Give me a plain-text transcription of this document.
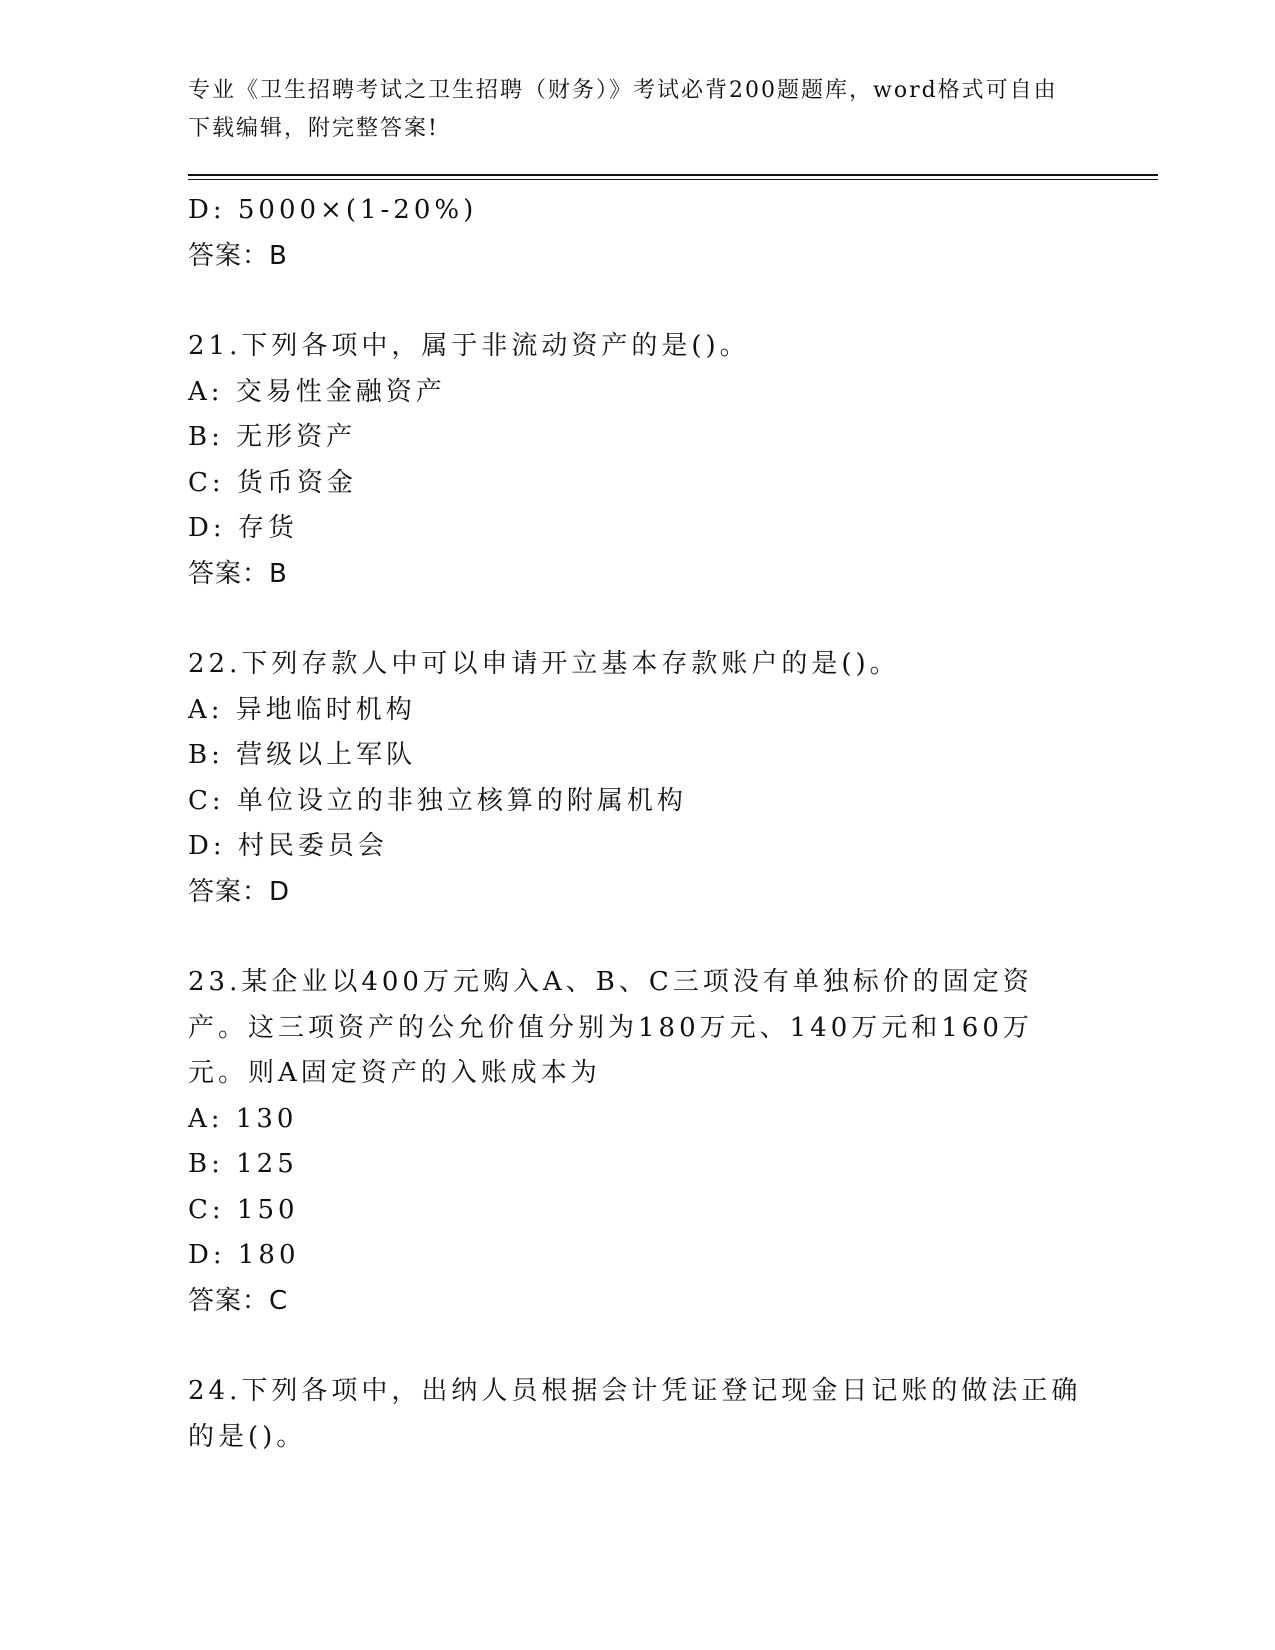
专业《卫生招聘考试之卫生招聘（财务）》考试必背200题题库，word格式可自由下载编辑，附完整答案!
D: 5000×(1-20%)
答案：B
21.下列各项中，属于非流动资产的是()。
A: 交易性金融资产
B: 无形资产
C: 货币资金
D: 存货
答案：B
22.下列存款人中可以申请开立基本存款账户的是()。
A: 异地临时机构
B: 营级以上军队
C: 单位设立的非独立核算的附属机构
D: 村民委员会
答案：D
23.某企业以400万元购入A、B、C三项没有单独标价的固定资产。这三项资产的公允价值分别为180万元、140万元和160万元。则A固定资产的入账成本为
A: 130
B: 125
C: 150
D: 180
答案：C
24.下列各项中，出纳人员根据会计凭证登记现金日记账的做法正确的是()。
